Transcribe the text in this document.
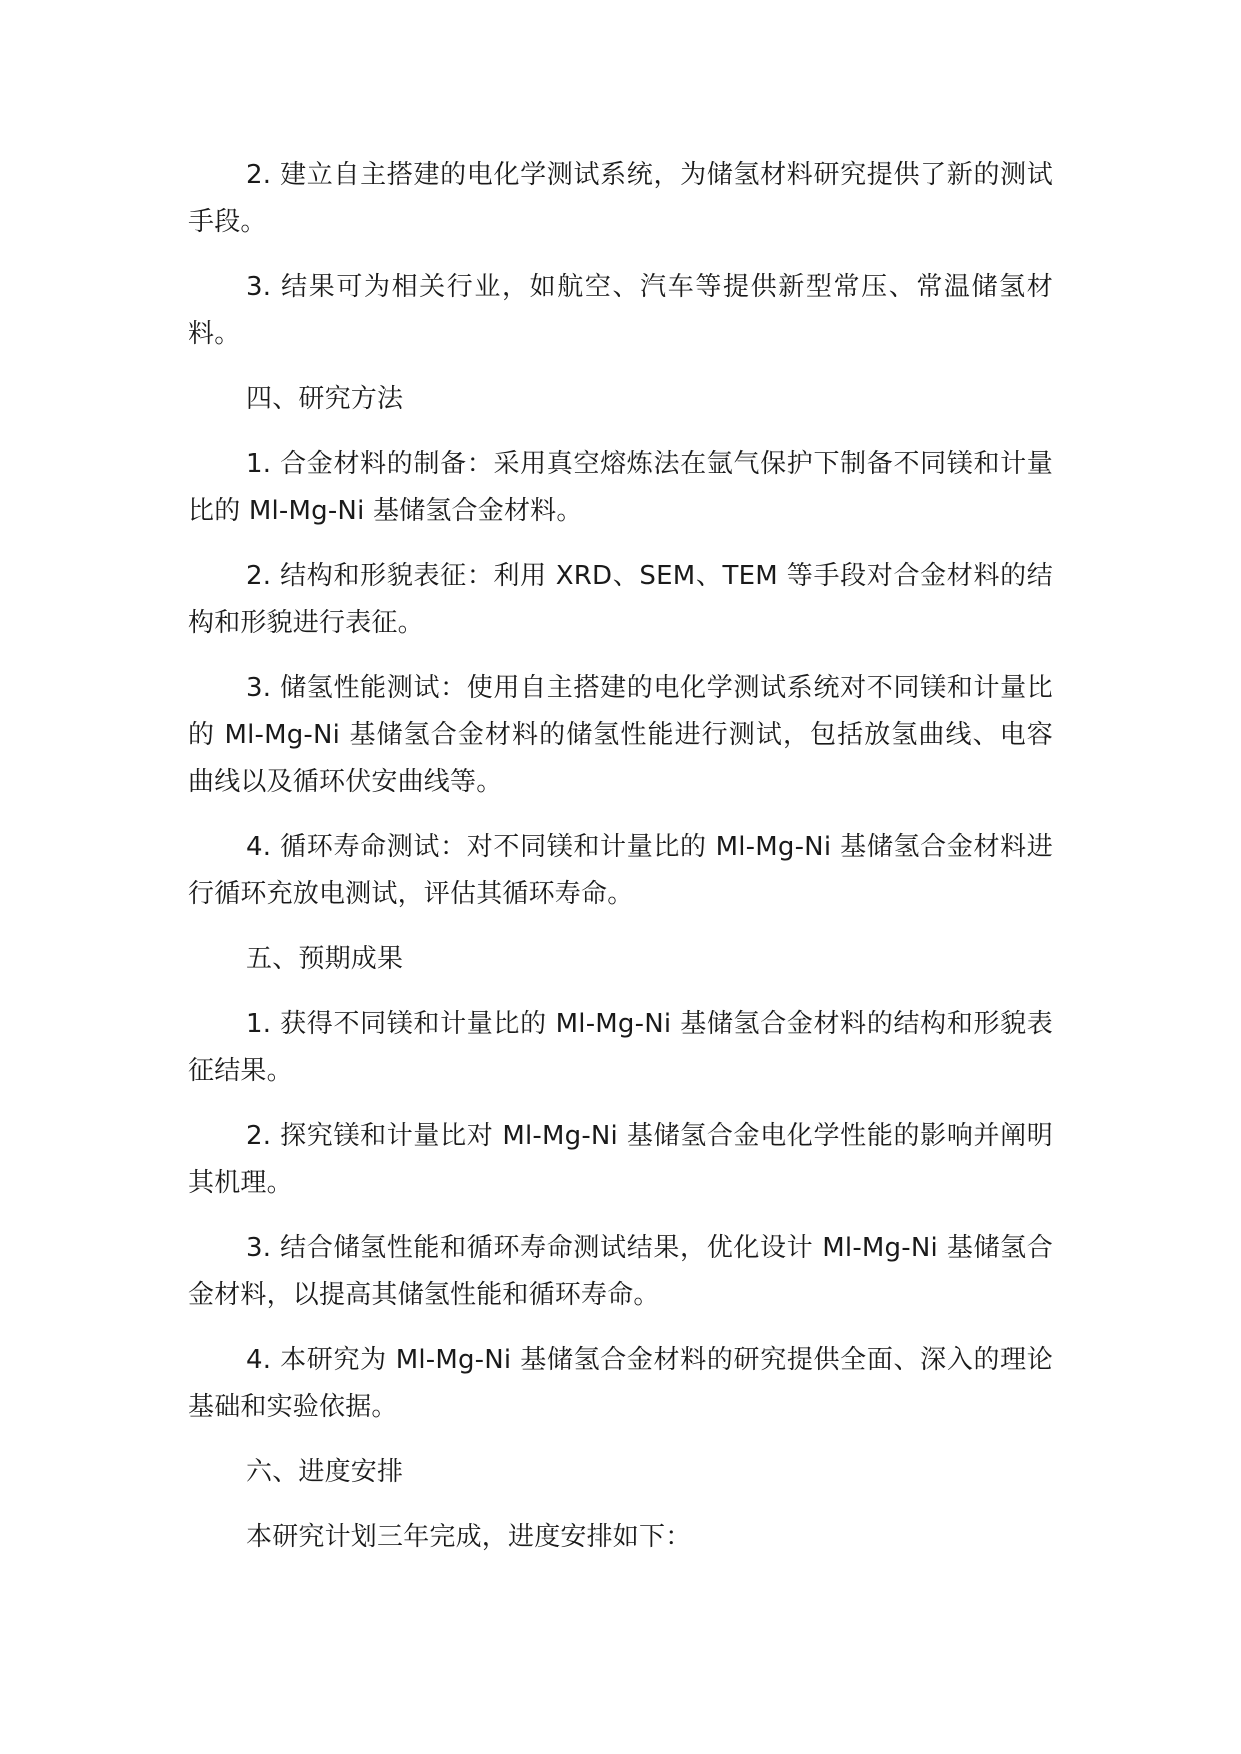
2. 建立自主搭建的电化学测试系统，为储氢材料研究提供了新的测试手段。

3. 结果可为相关行业，如航空、汽车等提供新型常压、常温储氢材料。

四、研究方法

1. 合金材料的制备：采用真空熔炼法在氩气保护下制备不同镁和计量比的 Ml-Mg-Ni 基储氢合金材料。

2. 结构和形貌表征：利用 XRD、SEM、TEM 等手段对合金材料的结构和形貌进行表征。

3. 储氢性能测试：使用自主搭建的电化学测试系统对不同镁和计量比的 Ml-Mg-Ni 基储氢合金材料的储氢性能进行测试，包括放氢曲线、电容曲线以及循环伏安曲线等。

4. 循环寿命测试：对不同镁和计量比的 Ml-Mg-Ni 基储氢合金材料进行循环充放电测试，评估其循环寿命。

五、预期成果

1. 获得不同镁和计量比的 Ml-Mg-Ni 基储氢合金材料的结构和形貌表征结果。

2. 探究镁和计量比对 Ml-Mg-Ni 基储氢合金电化学性能的影响并阐明其机理。

3. 结合储氢性能和循环寿命测试结果，优化设计 Ml-Mg-Ni 基储氢合金材料，以提高其储氢性能和循环寿命。

4. 本研究为 Ml-Mg-Ni 基储氢合金材料的研究提供全面、深入的理论基础和实验依据。

六、进度安排

本研究计划三年完成，进度安排如下：
